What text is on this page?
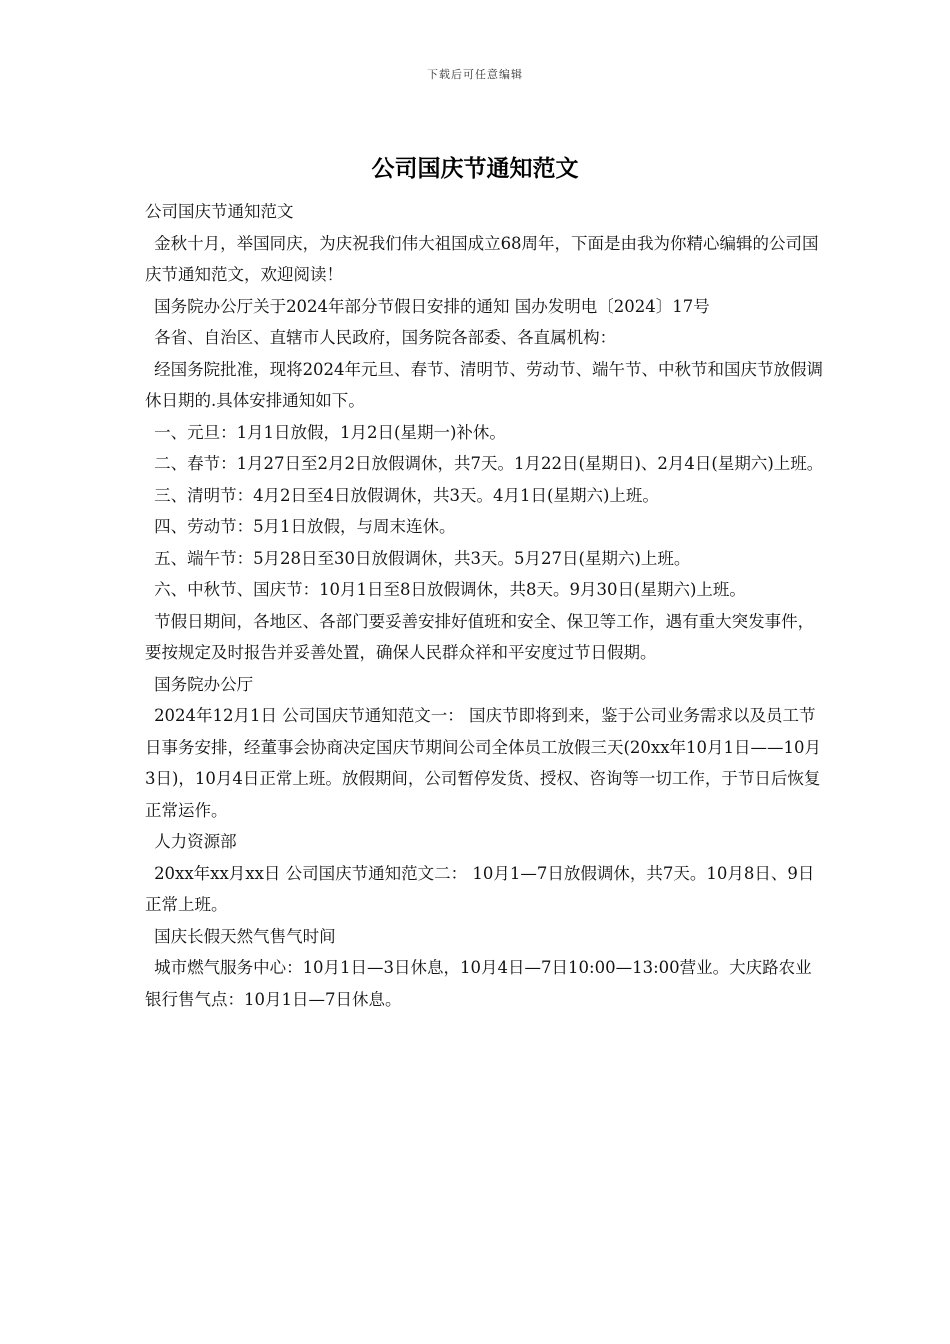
下载后可任意编辑
公司国庆节通知范文

公司国庆节通知范文

金秋十月，举国同庆，为庆祝我们伟大祖国成立68周年，下面是由我为你精心编辑的公司国庆节通知范文，欢迎阅读！

国务院办公厅关于2024年部分节假日安排的通知 国办发明电〔2024〕17号

各省、自治区、直辖市人民政府，国务院各部委、各直属机构：

经国务院批准，现将2024年元旦、春节、清明节、劳动节、端午节、中秋节和国庆节放假调休日期的.具体安排通知如下。

一、元旦：1月1日放假，1月2日(星期一)补休。

二、春节：1月27日至2月2日放假调休，共7天。1月22日(星期日)、2月4日(星期六)上班。

三、清明节：4月2日至4日放假调休，共3天。4月1日(星期六)上班。

四、劳动节：5月1日放假，与周末连休。

五、端午节：5月28日至30日放假调休，共3天。5月27日(星期六)上班。

六、中秋节、国庆节：10月1日至8日放假调休，共8天。9月30日(星期六)上班。

节假日期间，各地区、各部门要妥善安排好值班和安全、保卫等工作，遇有重大突发事件，要按规定及时报告并妥善处置，确保人民群众祥和平安度过节日假期。

国务院办公厅

2024年12月1日 公司国庆节通知范文一： 国庆节即将到来，鉴于公司业务需求以及员工节日事务安排，经董事会协商决定国庆节期间公司全体员工放假三天(20xx年10月1日——10月3日)，10月4日正常上班。放假期间，公司暂停发货、授权、咨询等一切工作，于节日后恢复正常运作。

人力资源部

20xx年xx月xx日 公司国庆节通知范文二： 10月1—7日放假调休，共7天。10月8日、9日正常上班。

国庆长假天然气售气时间

城市燃气服务中心：10月1日—3日休息，10月4日—7日10:00—13:00营业。大庆路农业银行售气点：10月1日—7日休息。
